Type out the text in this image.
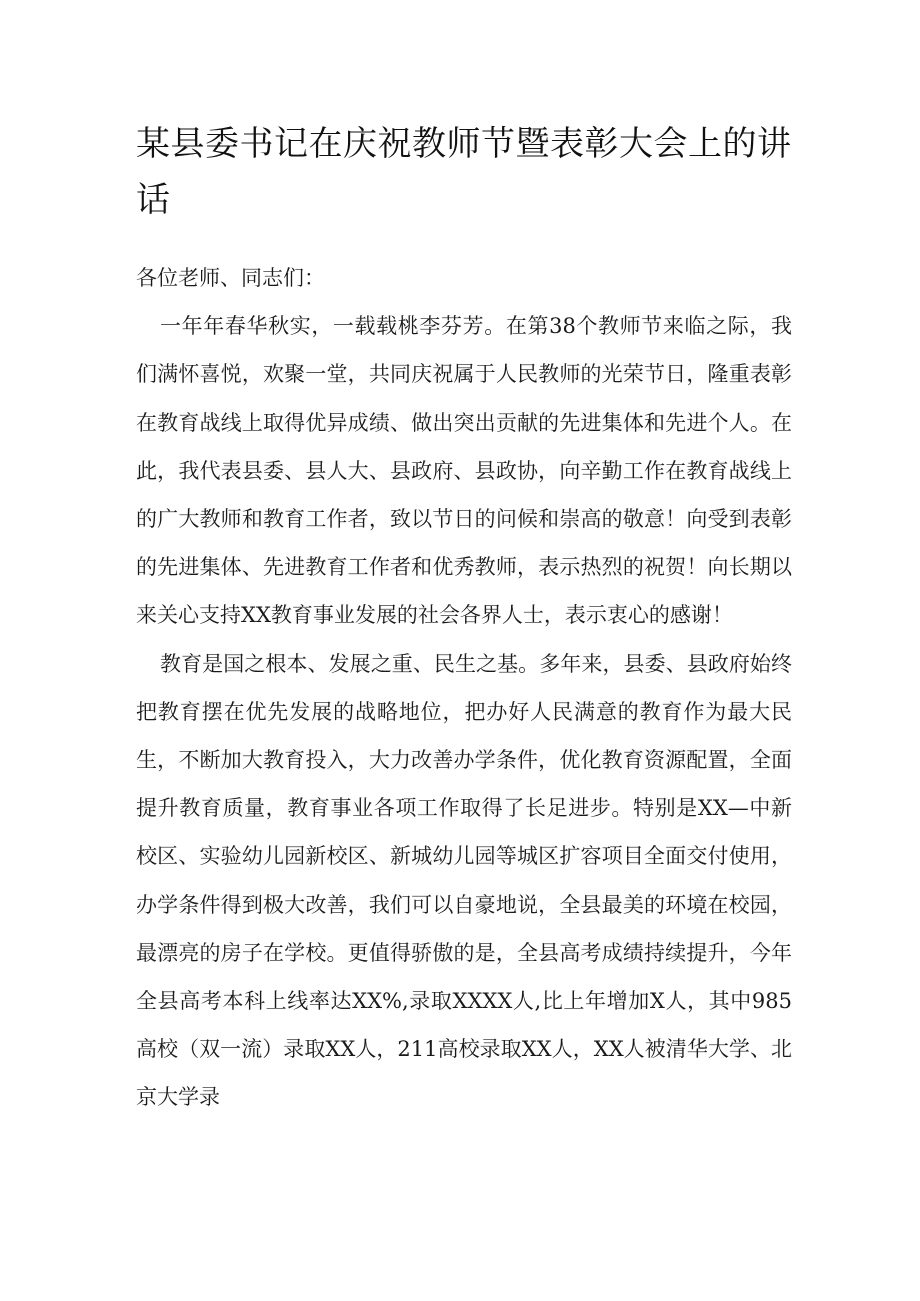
某县委书记在庆祝教师节暨表彰大会上的讲话

各位老师、同志们：

一年年春华秋实，一载载桃李芬芳。在第38个教师节来临之际，我们满怀喜悦，欢聚一堂，共同庆祝属于人民教师的光荣节日，隆重表彰在教育战线上取得优异成绩、做出突出贡献的先进集体和先进个人。在此，我代表县委、县人大、县政府、县政协，向辛勤工作在教育战线上的广大教师和教育工作者，致以节日的问候和崇高的敬意！向受到表彰的先进集体、先进教育工作者和优秀教师，表示热烈的祝贺！向长期以来关心支持XX教育事业发展的社会各界人士，表示衷心的感谢！

教育是国之根本、发展之重、民生之基。多年来，县委、县政府始终把教育摆在优先发展的战略地位，把办好人民满意的教育作为最大民生，不断加大教育投入，大力改善办学条件，优化教育资源配置，全面提升教育质量，教育事业各项工作取得了长足进步。特别是XX—中新校区、实验幼儿园新校区、新城幼儿园等城区扩容项目全面交付使用，办学条件得到极大改善，我们可以自豪地说，全县最美的环境在校园，最漂亮的房子在学校。更值得骄傲的是，全县高考成绩持续提升，今年全县高考本科上线率达XX%,录取XXXX人,比上年增加X人，其中985高校（双一流）录取XX人，211高校录取XX人，XX人被清华大学、北京大学录
